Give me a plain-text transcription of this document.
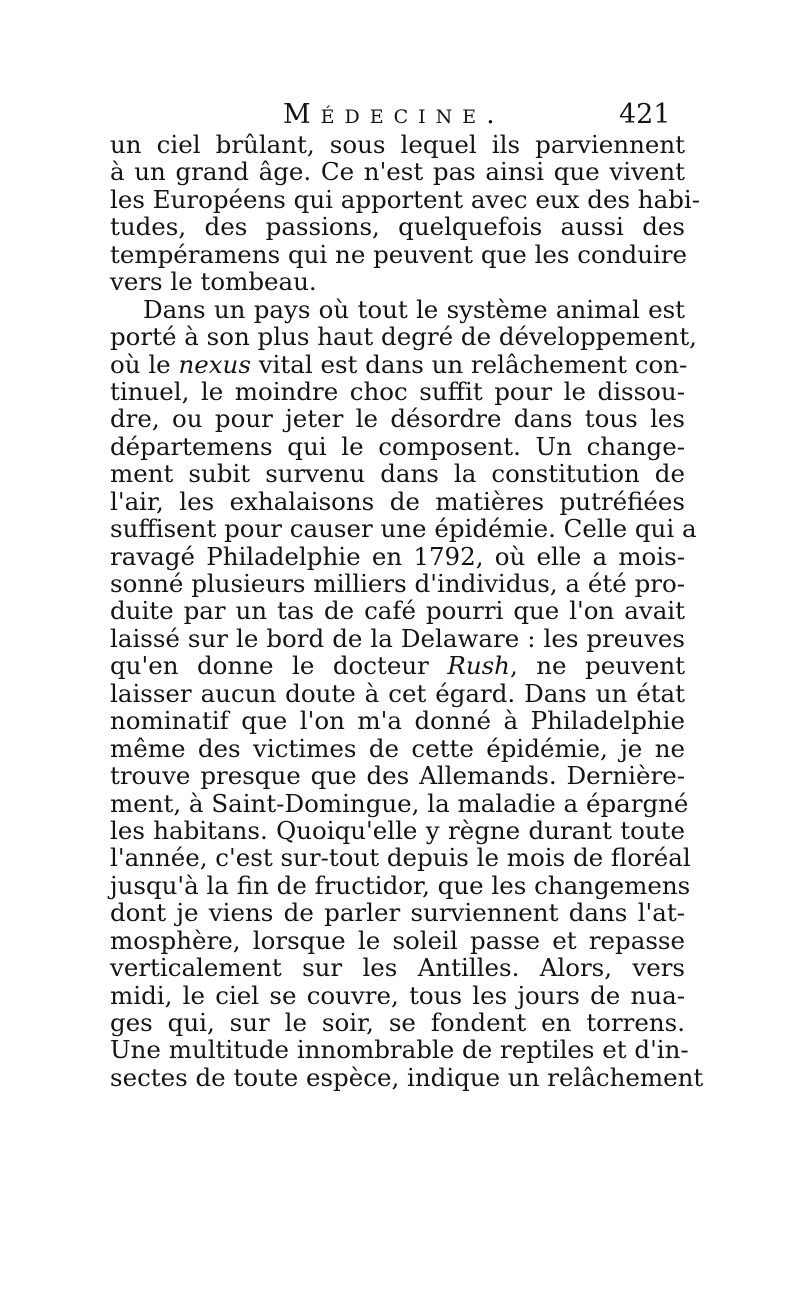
Médecine.	421
un ciel brûlant, sous lequel ils parviennent
à un grand âge. Ce n'est pas ainsi que vivent
les Européens qui apportent avec eux des habi-
tudes, des passions, quelquefois aussi des
tempéramens qui ne peuvent que les conduire
vers le tombeau.
Dans un pays où tout le système animal est
porté à son plus haut degré de développement,
où le nexus vital est dans un relâchement con-
tinuel, le moindre choc suffit pour le dissou-
dre, ou pour jeter le désordre dans tous les
départemens qui le composent. Un change-
ment subit survenu dans la constitution de
l'air, les exhalaisons de matières putréfiées
suffisent pour causer une épidémie. Celle qui a
ravagé Philadelphie en 1792, où elle a mois-
sonné plusieurs milliers d'individus, a été pro-
duite par un tas de café pourri que l'on avait
laissé sur le bord de la Delaware : les preuves
qu'en donne le docteur Rush, ne peuvent
laisser aucun doute à cet égard. Dans un état
nominatif que l'on m'a donné à Philadelphie
même des victimes de cette épidémie, je ne
trouve presque que des Allemands. Dernière-
ment, à Saint-Domingue, la maladie a épargné
les habitans. Quoiqu'elle y règne durant toute
l'année, c'est sur-tout depuis le mois de floréal
jusqu'à la fin de fructidor, que les changemens
dont je viens de parler surviennent dans l'at-
mosphère, lorsque le soleil passe et repasse
verticalement sur les Antilles. Alors, vers
midi, le ciel se couvre, tous les jours de nua-
ges qui, sur le soir, se fondent en torrens.
Une multitude innombrable de reptiles et d'in-
sectes de toute espèce, indique un relâchement
